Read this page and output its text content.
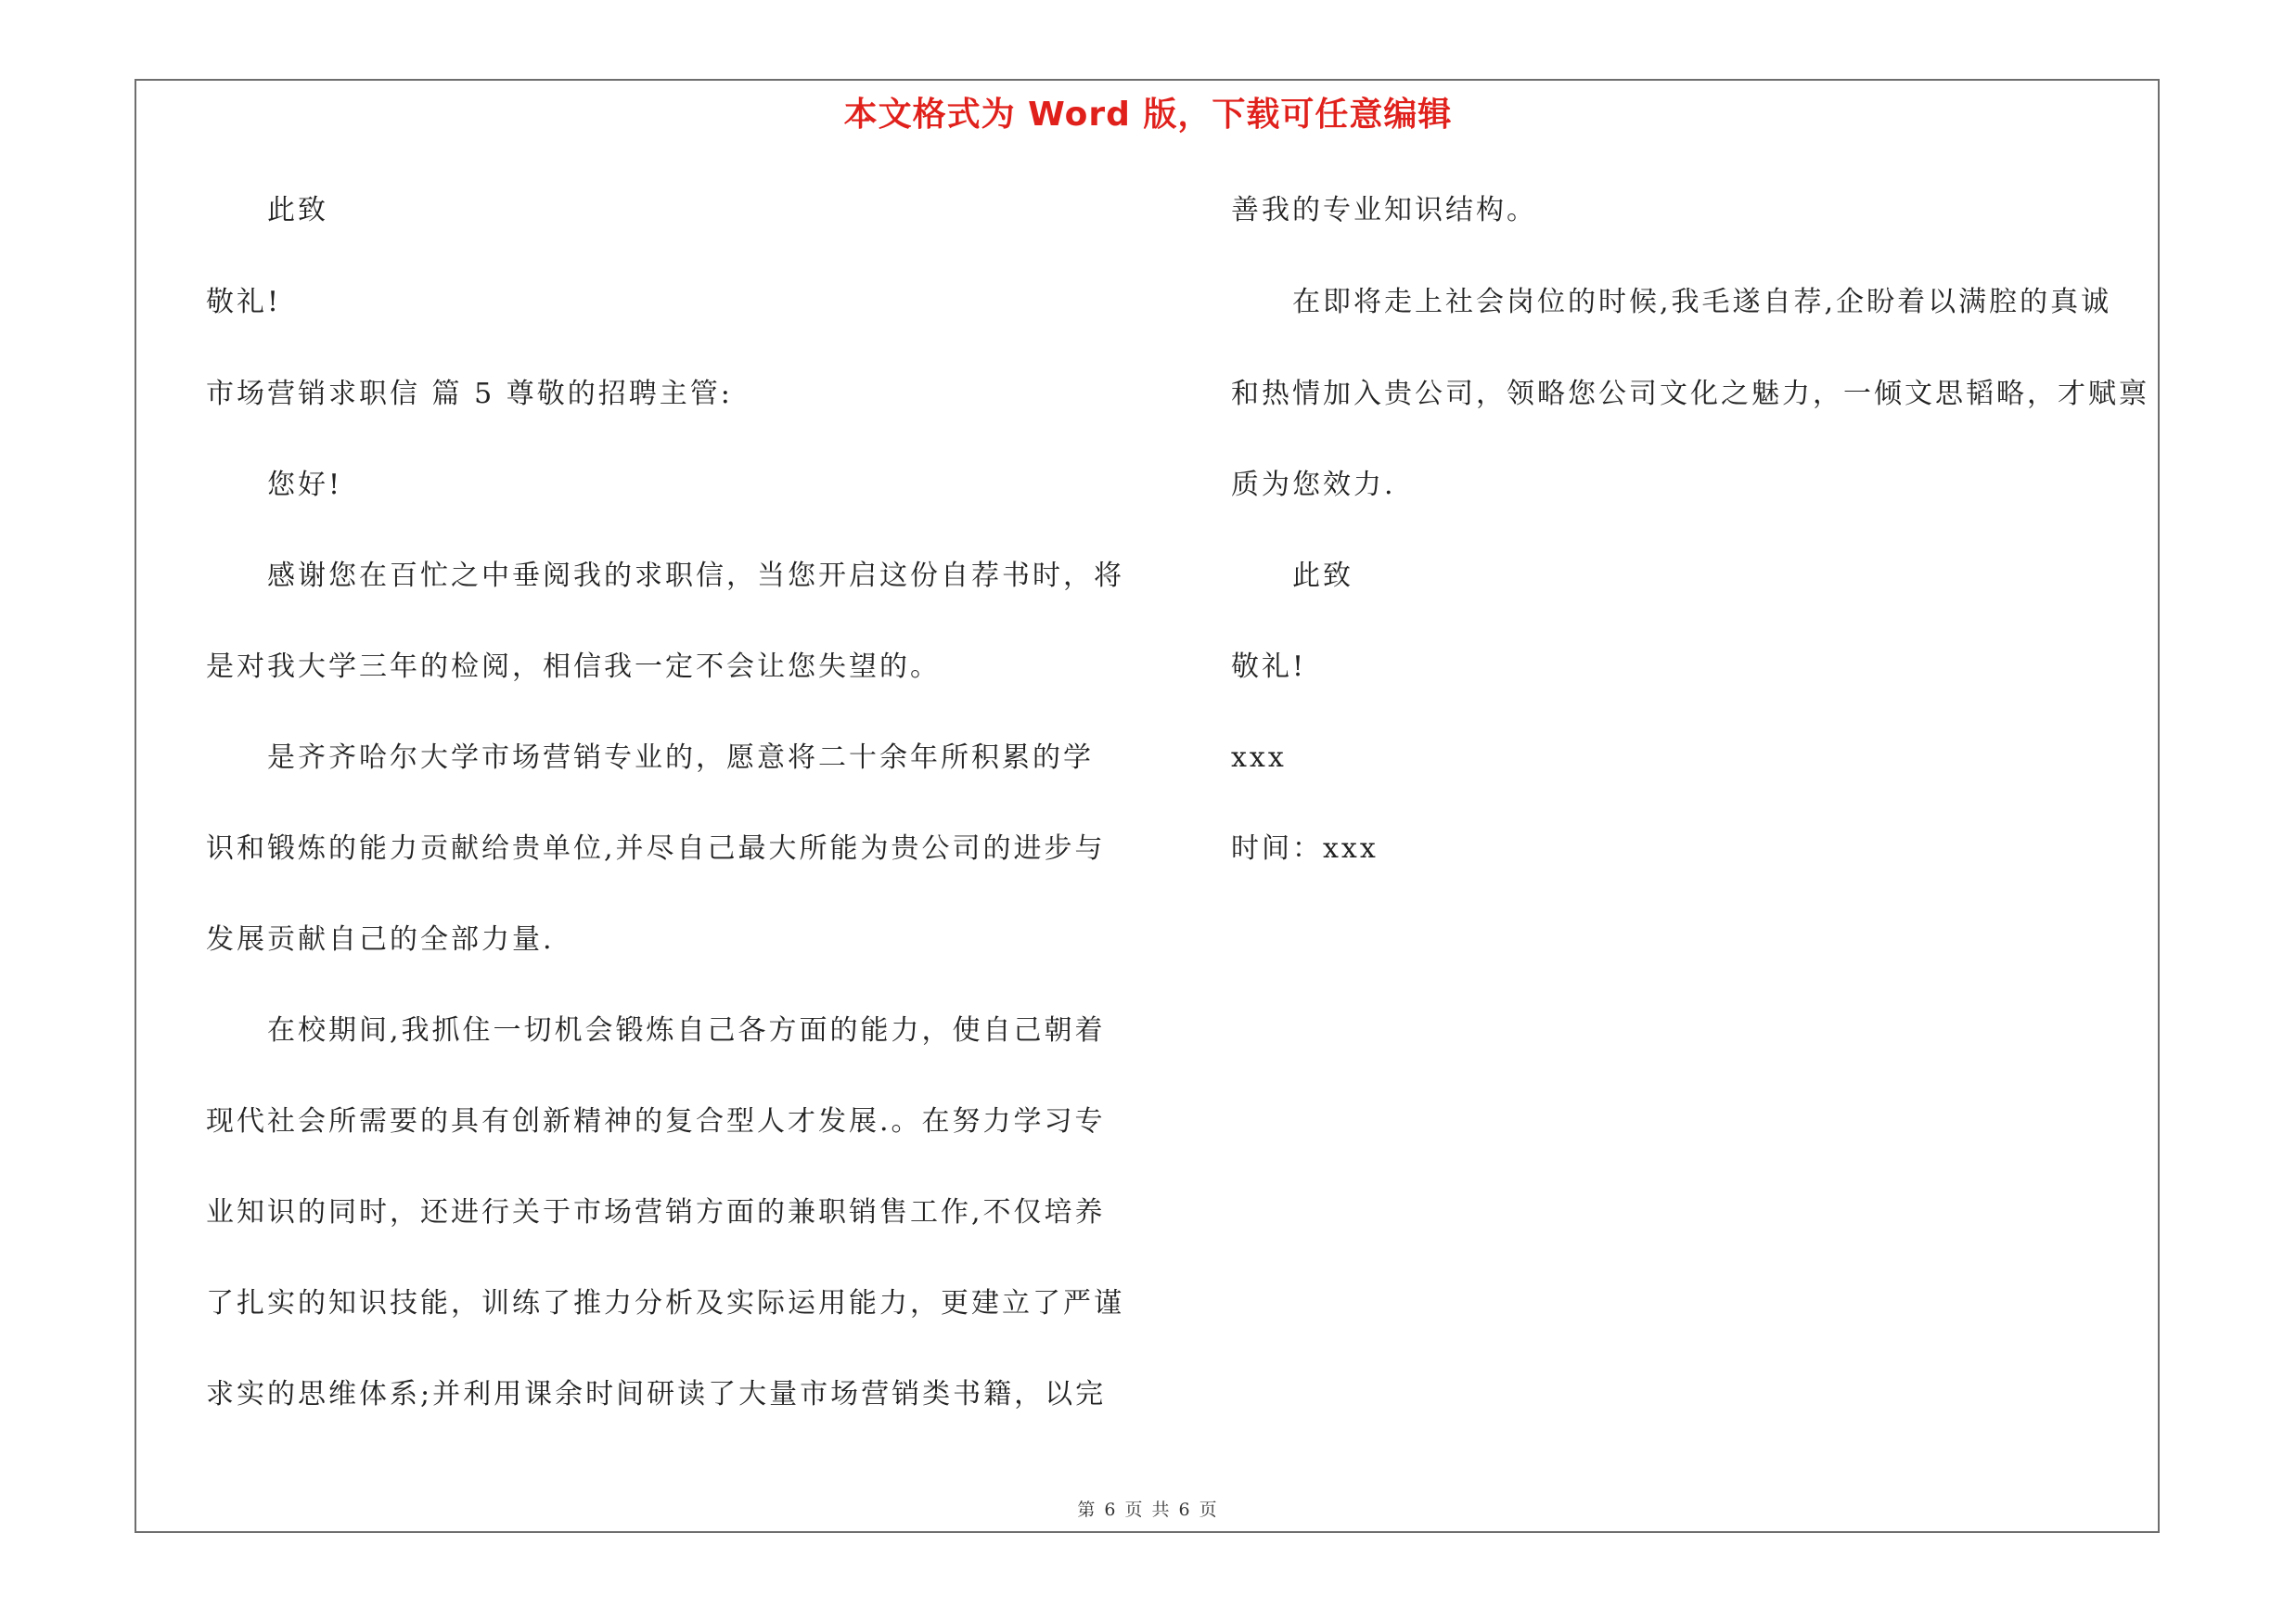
本文格式为 Word 版，下载可任意编辑
此致
敬礼!
市场营销求职信 篇 5 尊敬的招聘主管:
您好!
感谢您在百忙之中垂阅我的求职信，当您开启这份自荐书时，将
是对我大学三年的检阅，相信我一定不会让您失望的。
是齐齐哈尔大学市场营销专业的，愿意将二十余年所积累的学
识和锻炼的能力贡献给贵单位,并尽自己最大所能为贵公司的进步与
发展贡献自己的全部力量.
在校期间,我抓住一切机会锻炼自己各方面的能力，使自己朝着
现代社会所需要的具有创新精神的复合型人才发展.。在努力学习专
业知识的同时，还进行关于市场营销方面的兼职销售工作,不仅培养
了扎实的知识技能，训练了推力分析及实际运用能力，更建立了严谨
求实的思维体系;并利用课余时间研读了大量市场营销类书籍，以完
善我的专业知识结构。
在即将走上社会岗位的时候,我毛遂自荐,企盼着以满腔的真诚
和热情加入贵公司，领略您公司文化之魅力，一倾文思韬略，才赋禀
质为您效力.
此致
敬礼!
xxx
时间：xxx
第 6 页 共 6 页
